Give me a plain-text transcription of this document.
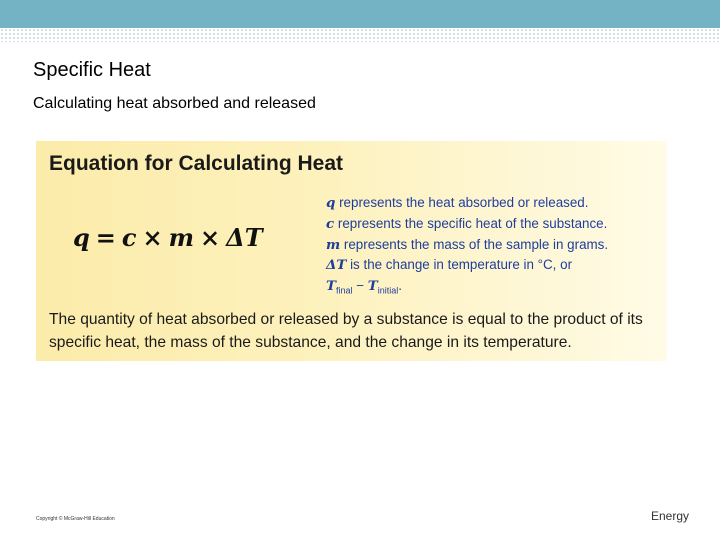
Specific Heat
Calculating heat absorbed and released
Equation for Calculating Heat
q = c × m × ΔT
q represents the heat absorbed or released.
c represents the specific heat of the substance.
m represents the mass of the sample in grams.
ΔT is the change in temperature in °C, or
$T_{final} - T_{initial}$.
The quantity of heat absorbed or released by a substance is equal to the product of its specific heat, the mass of the substance, and the change in its temperature.
Copyright © McGraw-Hill Education	Energy
